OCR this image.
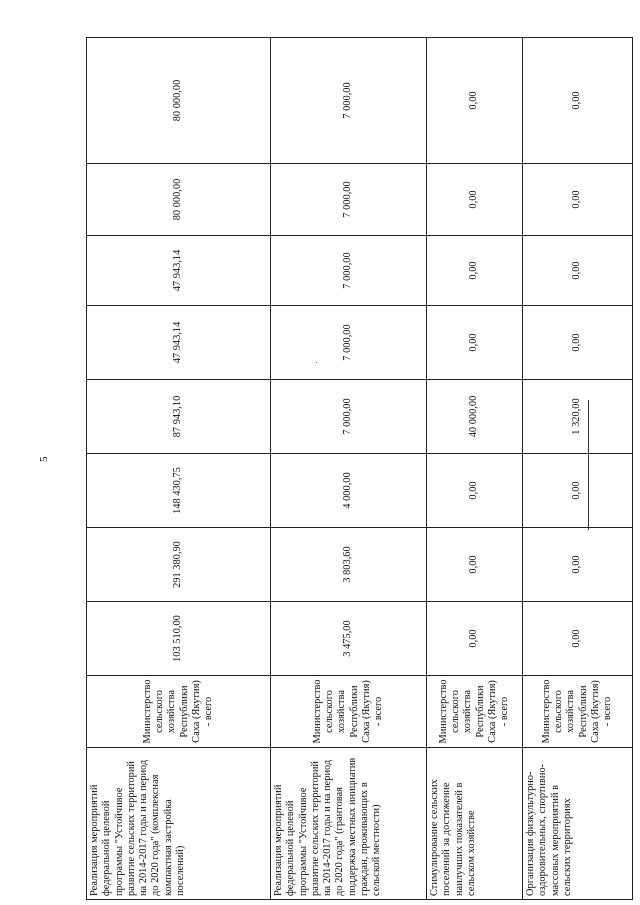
5
Реализация мероприятий федеральной целевой программы "Устойчивое развитие сельских территорий на 2014-2017 годы и на период до 2020 года" (комплексная компактная застройка поселений)	Министерство сельского хозяйства Республики Саха (Якутия) - всего	103 510,00	291 380,90	148 430,75	87 943,10	47 943,14	47 943,14	80 000,00	80 000,00
Реализация мероприятий федеральной целевой программы "Устойчивое развитие сельских территорий на 2014-2017 годы и на период до 2020 года" (грантовая поддержка местных инициатив граждан, проживающих в сельской местности)	Министерство сельского хозяйства Республики Саха (Якутия) - всего	3 475,00	3 803,60	4 000,00	7 000,00	7 000,00	7 000,00	7 000,00	7 000,00
Стимулирование сельских поселений за достижение наилучших показателей в сельском хозяйстве	Министерство сельского хозяйства Республики Саха (Якутия) - всего	0,00	0,00	0,00	40 000,00	0,00	0,00	0,00	0,00
Организация физкультурно-оздоровительных, спортивно-массовых мероприятий в сельских территориях	Министерство сельского хозяйства Республики Саха (Якутия) - всего	0,00	0,00	0,00	1 320,00	0,00	0,00	0,00	0,00
